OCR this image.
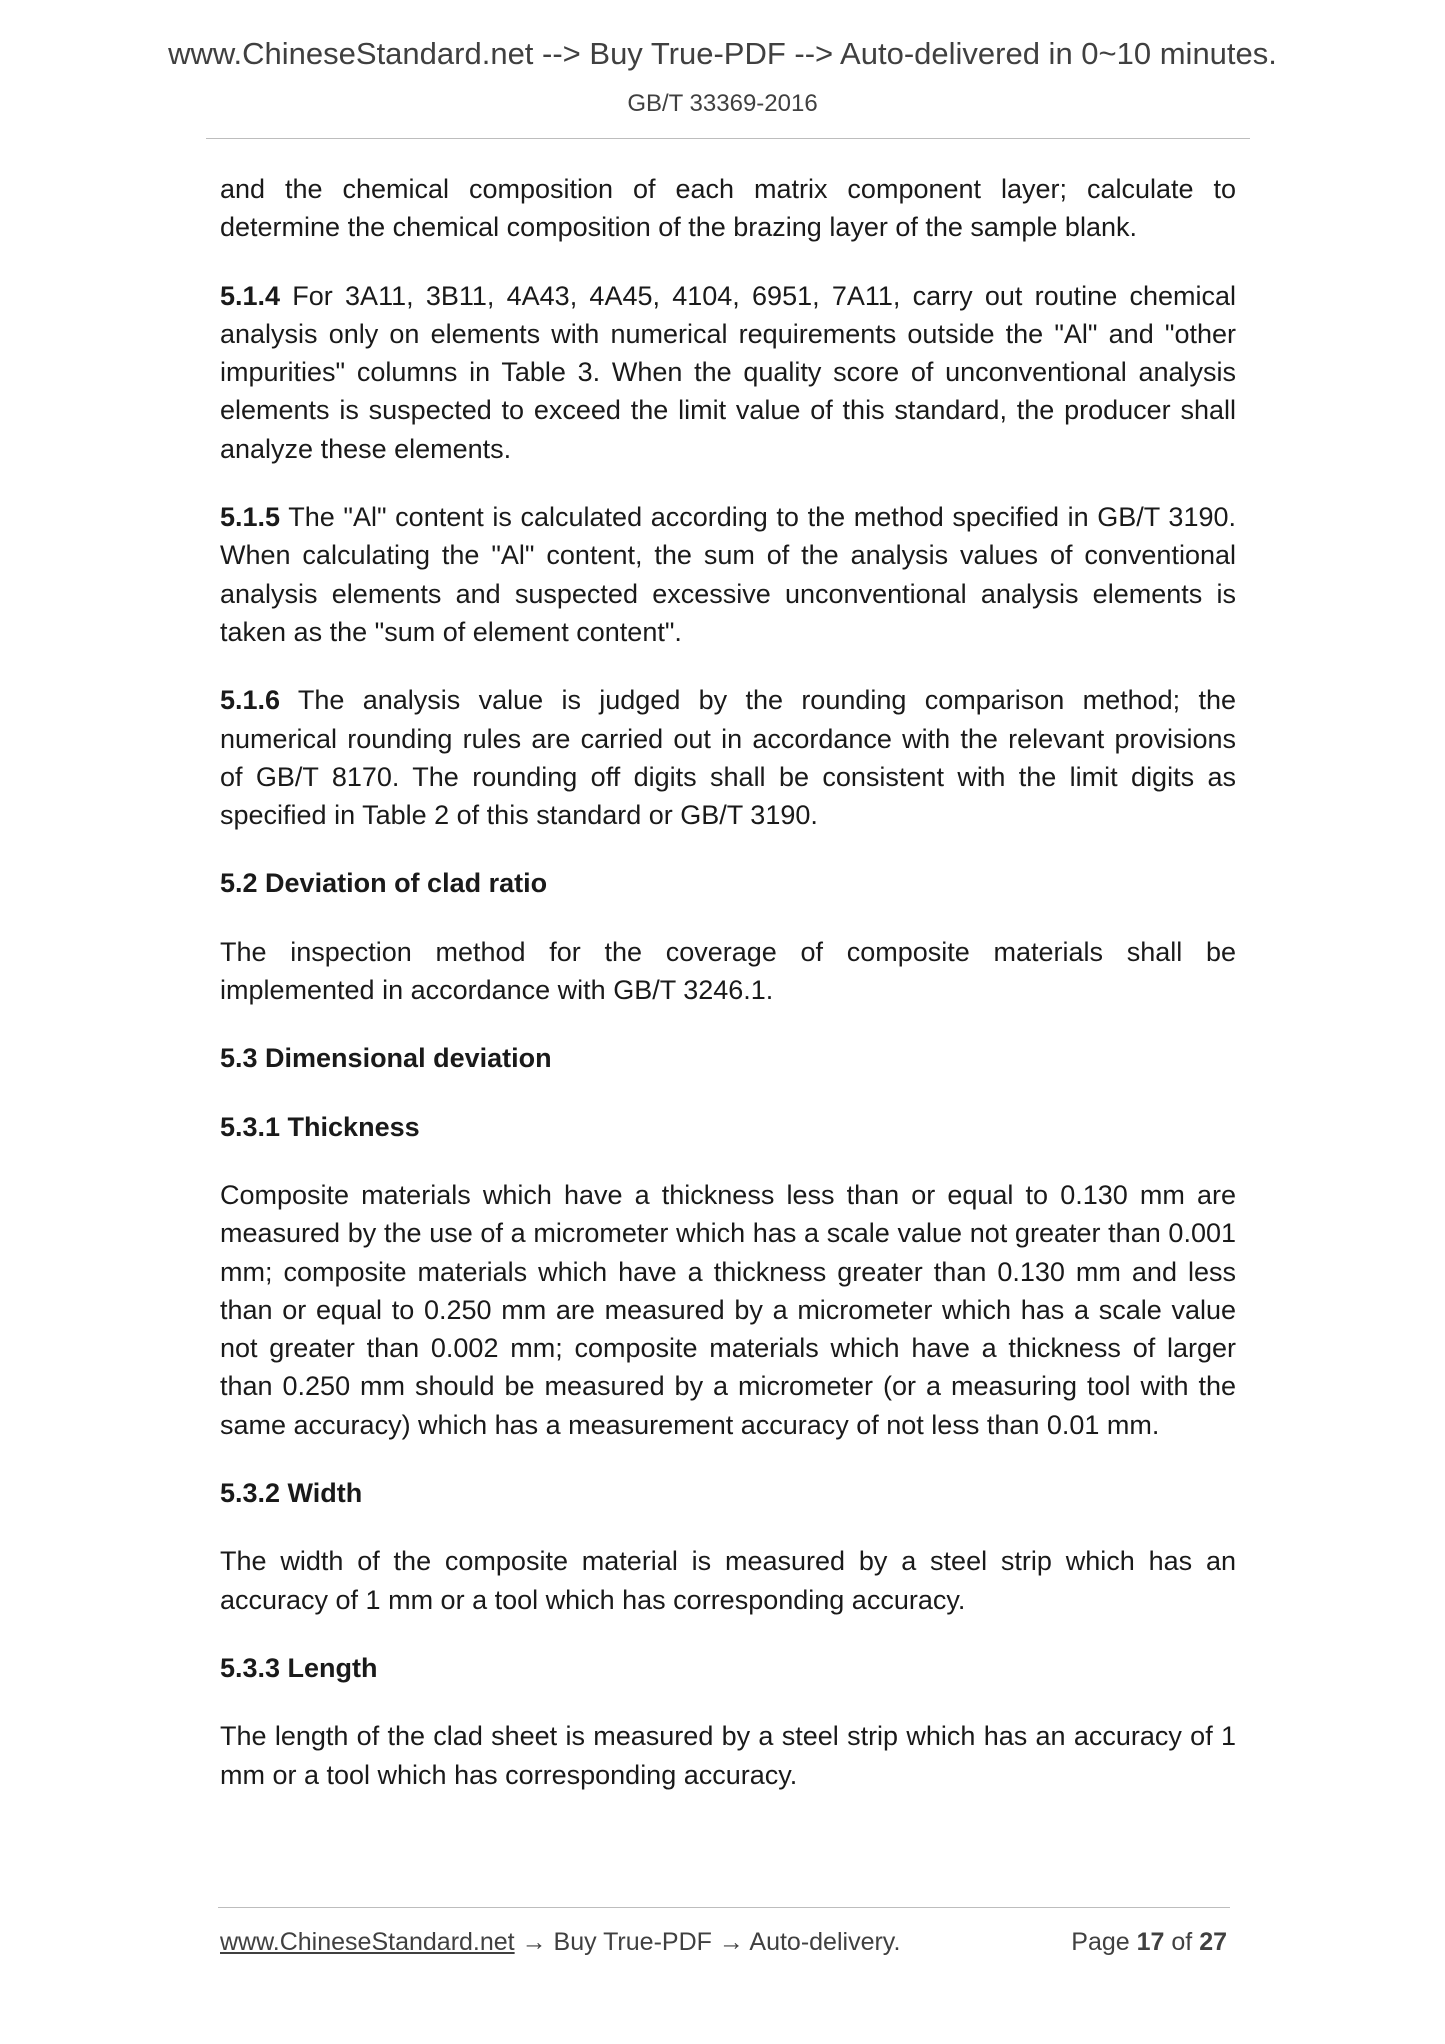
www.ChineseStandard.net --> Buy True-PDF --> Auto-delivered in 0~10 minutes.
GB/T 33369-2016

and the chemical composition of each matrix component layer; calculate to determine the chemical composition of the brazing layer of the sample blank.

5.1.4 For 3A11, 3B11, 4A43, 4A45, 4104, 6951, 7A11, carry out routine chemical analysis only on elements with numerical requirements outside the "Al" and "other impurities" columns in Table 3. When the quality score of unconventional analysis elements is suspected to exceed the limit value of this standard, the producer shall analyze these elements.

5.1.5 The "Al" content is calculated according to the method specified in GB/T 3190. When calculating the "Al" content, the sum of the analysis values of conventional analysis elements and suspected excessive unconventional analysis elements is taken as the "sum of element content".

5.1.6 The analysis value is judged by the rounding comparison method; the numerical rounding rules are carried out in accordance with the relevant provisions of GB/T 8170. The rounding off digits shall be consistent with the limit digits as specified in Table 2 of this standard or GB/T 3190.

5.2 Deviation of clad ratio

The inspection method for the coverage of composite materials shall be implemented in accordance with GB/T 3246.1.

5.3 Dimensional deviation

5.3.1 Thickness

Composite materials which have a thickness less than or equal to 0.130 mm are measured by the use of a micrometer which has a scale value not greater than 0.001 mm; composite materials which have a thickness greater than 0.130 mm and less than or equal to 0.250 mm are measured by a micrometer which has a scale value not greater than 0.002 mm; composite materials which have a thickness of larger than 0.250 mm should be measured by a micrometer (or a measuring tool with the same accuracy) which has a measurement accuracy of not less than 0.01 mm.

5.3.2 Width

The width of the composite material is measured by a steel strip which has an accuracy of 1 mm or a tool which has corresponding accuracy.

5.3.3 Length

The length of the clad sheet is measured by a steel strip which has an accuracy of 1 mm or a tool which has corresponding accuracy.

www.ChineseStandard.net → Buy True-PDF → Auto-delivery.	Page 17 of 27
